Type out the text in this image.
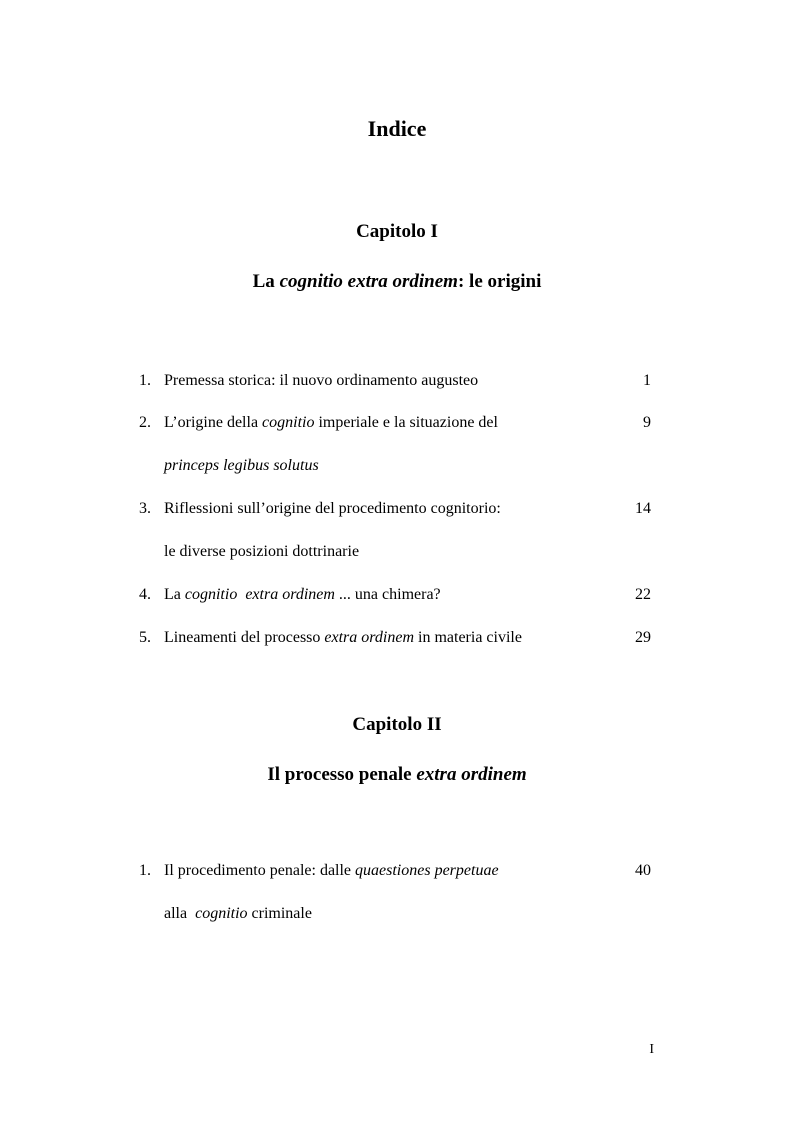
Indice
Capitolo I
La cognitio extra ordinem: le origini
1. Premessa storica: il nuovo ordinamento augusteo	1
2. L’origine della cognitio imperiale e la situazione del	9
princeps legibus solutus
3. Riflessioni sull’origine del procedimento cognitorio:	14
le diverse posizioni dottrinarie
4. La cognitio  extra ordinem ... una chimera?	22
5. Lineamenti del processo extra ordinem in materia civile	29
Capitolo II
Il processo penale extra ordinem
1. Il procedimento penale: dalle quaestiones perpetuae	40
alla  cognitio criminale
I
